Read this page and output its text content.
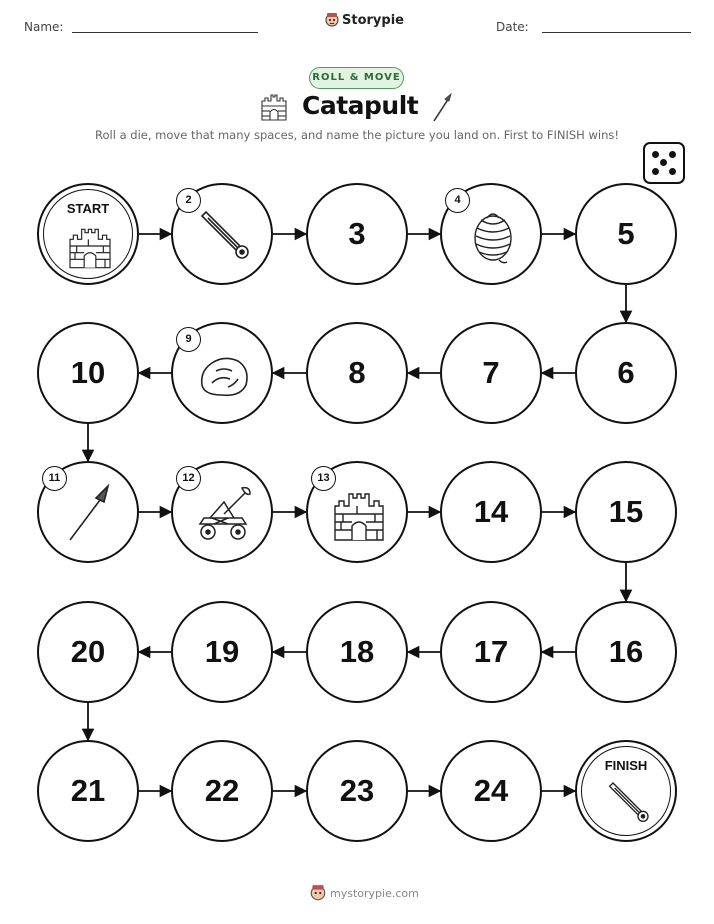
Name:	Storypie	Date:
ROLL & MOVE
Catapult
Roll a die, move that many spaces, and name the picture you land on. First to FINISH wins!
START
2
3
4
5
6
7
8
9
10
11	12	13
14	15
16
17
18
19
20
21	22	23	24
FINISH
mystorypie.com
